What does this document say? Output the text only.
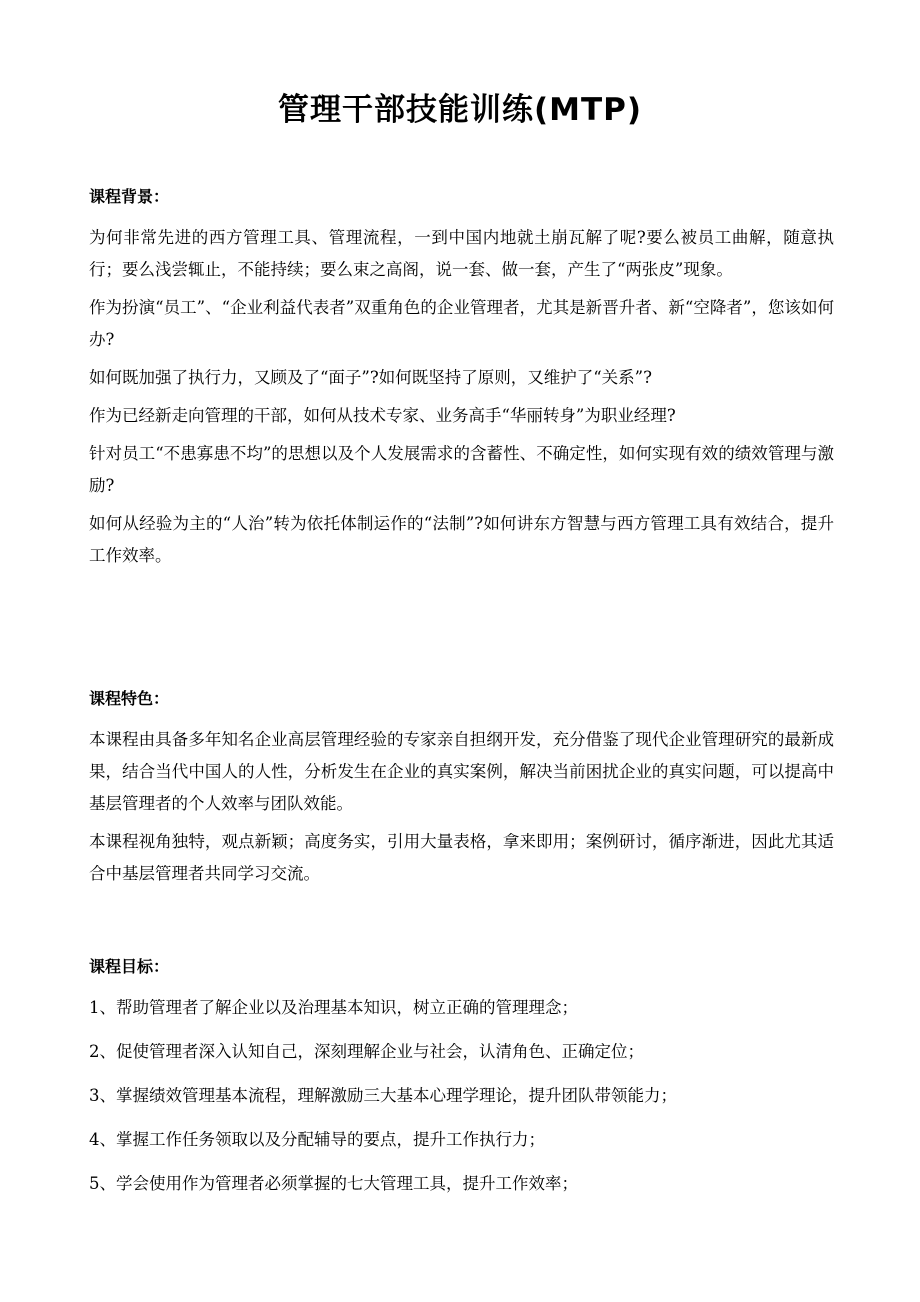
管理干部技能训练(MTP)
课程背景：

为何非常先进的西方管理工具、管理流程，一到中国内地就土崩瓦解了呢?要么被员工曲解，随意执行；要么浅尝辄止，不能持续；要么束之高阁，说一套、做一套，产生了“两张皮”现象。

作为扮演“员工”、“企业利益代表者”双重角色的企业管理者，尤其是新晋升者、新“空降者”，您该如何办?

如何既加强了执行力，又顾及了“面子”?如何既坚持了原则，又维护了“关系”?

作为已经新走向管理的干部，如何从技术专家、业务高手“华丽转身”为职业经理?

针对员工“不患寡患不均”的思想以及个人发展需求的含蓄性、不确定性，如何实现有效的绩效管理与激励?

如何从经验为主的“人治”转为依托体制运作的“法制”?如何讲东方智慧与西方管理工具有效结合，提升工作效率。

课程特色：

本课程由具备多年知名企业高层管理经验的专家亲自担纲开发，充分借鉴了现代企业管理研究的最新成果，结合当代中国人的人性，分析发生在企业的真实案例，解决当前困扰企业的真实问题，可以提高中基层管理者的个人效率与团队效能。

本课程视角独特，观点新颖；高度务实，引用大量表格，拿来即用；案例研讨，循序渐进，因此尤其适合中基层管理者共同学习交流。

课程目标：

1、帮助管理者了解企业以及治理基本知识，树立正确的管理理念；

2、促使管理者深入认知自己，深刻理解企业与社会，认清角色、正确定位；

3、掌握绩效管理基本流程，理解激励三大基本心理学理论，提升团队带领能力；

4、掌握工作任务领取以及分配辅导的要点，提升工作执行力；

5、学会使用作为管理者必须掌握的七大管理工具，提升工作效率；
